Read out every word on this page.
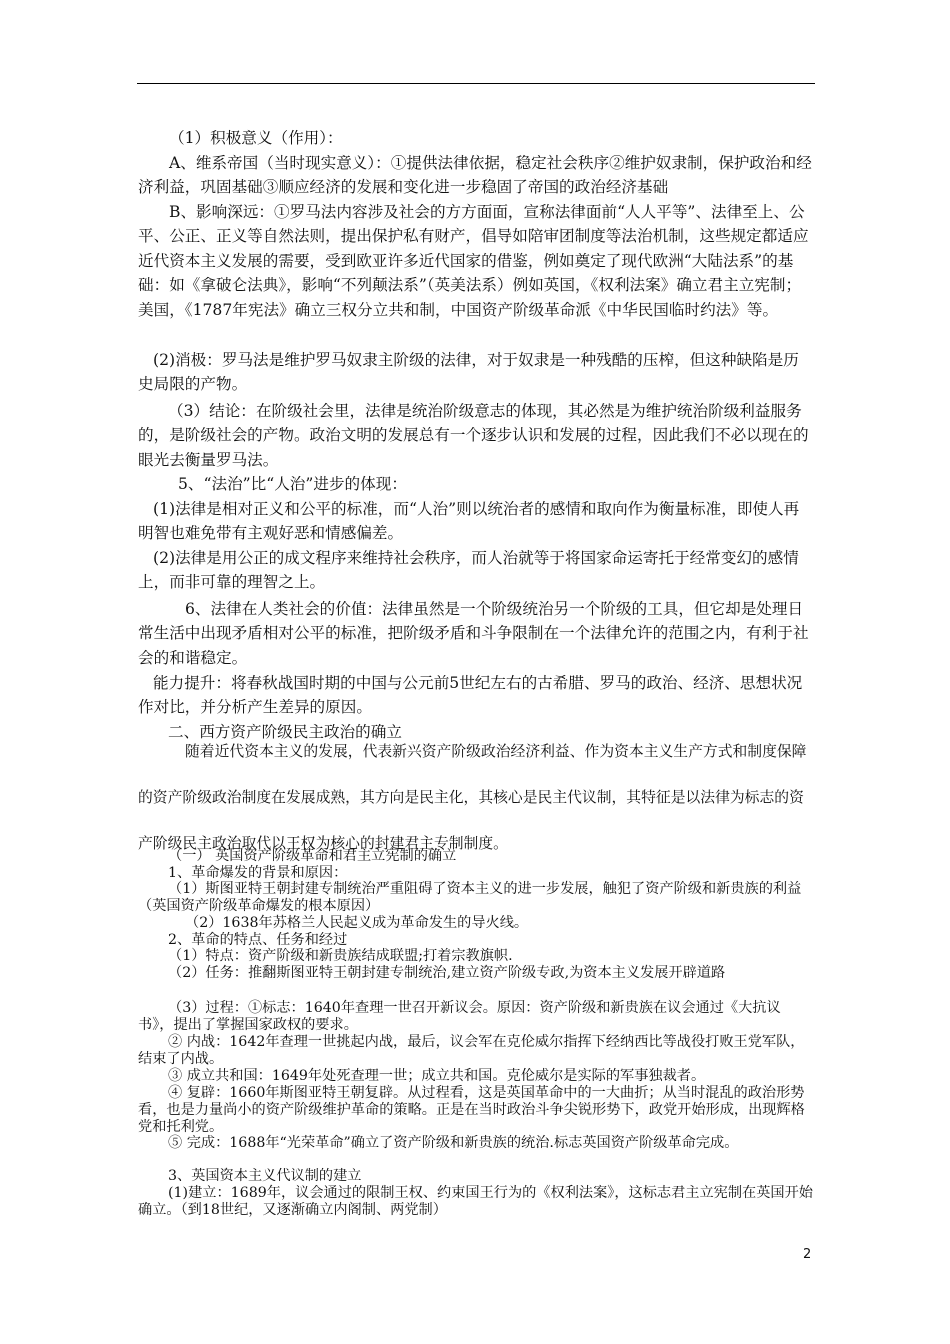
（1）积极意义（作用）：

A、维系帝国（当时现实意义）：①提供法律依据，稳定社会秩序②维护奴隶制，保护政治和经济利益，巩固基础③顺应经济的发展和变化进一步稳固了帝国的政治经济基础

B、影响深远：①罗马法内容涉及社会的方方面面，宣称法律面前“人人平等”、法律至上、公平、公正、正义等自然法则，提出保护私有财产，倡导如陪审团制度等法治机制，这些规定都适应近代资本主义发展的需要，受到欧亚许多近代国家的借鉴，例如奠定了现代欧洲“大陆法系”的基础：如《拿破仑法典》，影响“不列颠法系”（英美法系）例如英国，《权利法案》确立君主立宪制；美国，《1787年宪法》确立三权分立共和制，中国资产阶级革命派《中华民国临时约法》等。

(2)消极：罗马法是维护罗马奴隶主阶级的法律，对于奴隶是一种残酷的压榨，但这种缺陷是历史局限的产物。

（3）结论：在阶级社会里，法律是统治阶级意志的体现，其必然是为维护统治阶级利益服务的，是阶级社会的产物。政治文明的发展总有一个逐步认识和发展的过程，因此我们不必以现在的眼光去衡量罗马法。

5、“法治”比“人治”进步的体现：

(1)法律是相对正义和公平的标准，而“人治”则以统治者的感情和取向作为衡量标准，即使人再明智也难免带有主观好恶和情感偏差。

(2)法律是用公正的成文程序来维持社会秩序，而人治就等于将国家命运寄托于经常变幻的感情上，而非可靠的理智之上。

6、法律在人类社会的价值：法律虽然是一个阶级统治另一个阶级的工具，但它却是处理日常生活中出现矛盾相对公平的标准，把阶级矛盾和斗争限制在一个法律允许的范围之内，有利于社会的和谐稳定。

能力提升：将春秋战国时期的中国与公元前5世纪左右的古希腊、罗马的政治、经济、思想状况作对比，并分析产生差异的原因。

二、西方资产阶级民主政治的确立

随着近代资本主义的发展，代表新兴资产阶级政治经济利益、作为资本主义生产方式和制度保障的资产阶级政治制度在发展成熟，其方向是民主化，其核心是民主代议制，其特征是以法律为标志的资产阶级民主政治取代以王权为核心的封建君主专制制度。

（一） 英国资产阶级革命和君主立宪制的确立

1、革命爆发的背景和原因：

（1）斯图亚特王朝封建专制统治严重阻碍了资本主义的进一步发展，触犯了资产阶级和新贵族的利益（英国资产阶级革命爆发的根本原因）

（2）1638年苏格兰人民起义成为革命发生的导火线。

2、革命的特点、任务和经过

（1）特点：资产阶级和新贵族结成联盟;打着宗教旗帜.

（2）任务：推翻斯图亚特王朝封建专制统治,建立资产阶级专政,为资本主义发展开辟道路

（3）过程：①标志：1640年查理一世召开新议会。原因：资产阶级和新贵族在议会通过《大抗议书》，提出了掌握国家政权的要求。

② 内战：1642年查理一世挑起内战，最后，议会军在克伦威尔指挥下经纳西比等战役打败王党军队，结束了内战。

③ 成立共和国：1649年处死查理一世；成立共和国。克伦威尔是实际的军事独裁者。

④ 复辟：1660年斯图亚特王朝复辟。从过程看，这是英国革命中的一大曲折；从当时混乱的政治形势看，也是力量尚小的资产阶级维护革命的策略。正是在当时政治斗争尖锐形势下，政党开始形成，出现辉格党和托利党。

⑤ 完成：1688年“光荣革命”确立了资产阶级和新贵族的统治.标志英国资产阶级革命完成。

3、英国资本主义代议制的建立

(1)建立：1689年，议会通过的限制王权、约束国王行为的《权利法案》，这标志君主立宪制在英国开始确立。（到18世纪，又逐渐确立内阁制、两党制）

2
